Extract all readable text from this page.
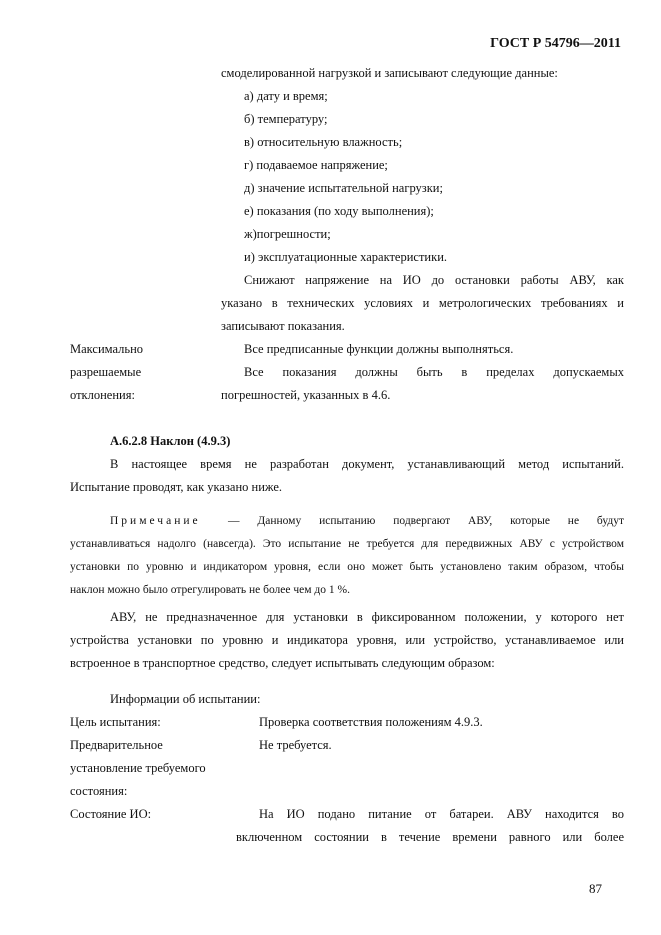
ГОСТ Р 54796—2011
смоделированной нагрузкой и записывают следующие данные:
а) дату и время;
б) температуру;
в) относительную влажность;
г) подаваемое напряжение;
д) значение испытательной нагрузки;
е) показания (по ходу выполнения);
ж)погрешности;
и) эксплуатационные характеристики.
Снижают напряжение на ИО до остановки работы АВУ, как
указано в технических условиях и метрологических требованиях и
записывают показания.
Максимально
разрешаемые
отклонения:
Все предписанные функции должны выполняться.
Все показания должны быть в пределах допускаемых
погрешностей, указанных в 4.6.
А.6.2.8 Наклон (4.9.3)
В настоящее время не разработан документ, устанавливающий метод испытаний.
Испытание проводят, как указано ниже.
Примечание — Данному испытанию подвергают АВУ, которые не будут
устанавливаться надолго (навсегда). Это испытание не требуется для передвижных АВУ с устройством
установки по уровню и индикатором уровня, если оно может быть установлено таким образом, чтобы
наклон можно было отрегулировать не более чем до 1 %.
АВУ, не предназначенное для установки в фиксированном положении, у которого нет
устройства установки по уровню и индикатора уровня, или устройство, устанавливаемое или
встроенное в транспортное средство, следует испытывать следующим образом:
Информации об испытании:
Цель испытания:	Проверка соответствия положениям 4.9.3.
Предварительное
установление требуемого
состояния:
Не требуется.
Состояние ИО:	На ИО подано питание от батареи. АВУ находится во
включенном состоянии в течение времени равного или более
87
